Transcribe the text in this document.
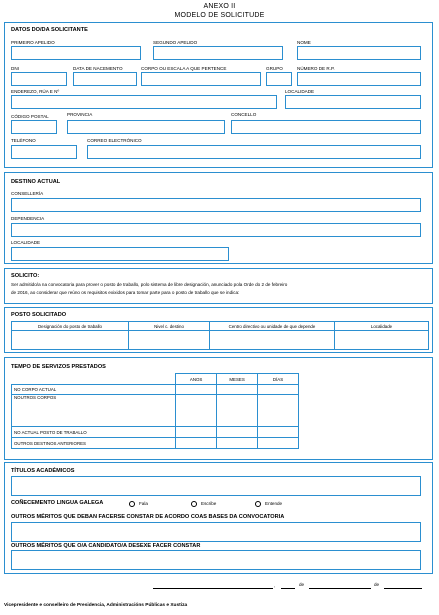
ANEXO II
MODELO DE SOLICITUDE
DATOS DO/DA SOLICITANTE
PRIMEIRO APELIDO	SEGUNDO APELIDO	NOME
DNI	DATA DE NACEMENTO	CORPO OU ESCALA A QUE PERTENCE	GRUPO	NÚMERO DE R.P.
ENDEREZO, RÚA E Nº	LOCALIDADE
CÓDIGO POSTAL	PROVINCIA	CONCELLO
TELÉFONO	CORREO ELECTRÓNICO
DESTINO ACTUAL
CONSELLERÍA
DEPENDENCIA
LOCALIDADE
SOLICITO:
Ser admitido/a na convocatoria para prover o posto de traballo, polo sistema de libre designación, anunciado pola Orde do 2 de febreiro
de 2016, ao considerar que reúno os requisitos exixidos para tomar parte para o posto de traballo que se indica:
POSTO SOLICITADO
Designación do posto de traballo	Nivel c. destino	Centro directivo ou unidade de que depende	Localidade

TEMPO DE SERVIZOS PRESTADOS
	ANOS	MESES	DÍAS
NO CORPO ACTUAL			
NOUTROS CORPOS			
NO ACTUAL POSTO DE TRABALLO			
OUTROS DESTINOS ANTERIORES			
TÍTULOS ACADÉMICOS
COÑECEMENTO LINGUA GALEGA	Fala	Escribe	Entende
OUTROS MÉRITOS QUE DEBAN FACERSE CONSTAR DE ACORDO COAS BASES DA CONVOCATORIA
OUTROS MÉRITOS QUE O/A CANDIDATO/A DESEXE FACER CONSTAR
,	de	de
Vicepresidente e conselleiro de Presidencia, Administracións Públicas e Xustiza
